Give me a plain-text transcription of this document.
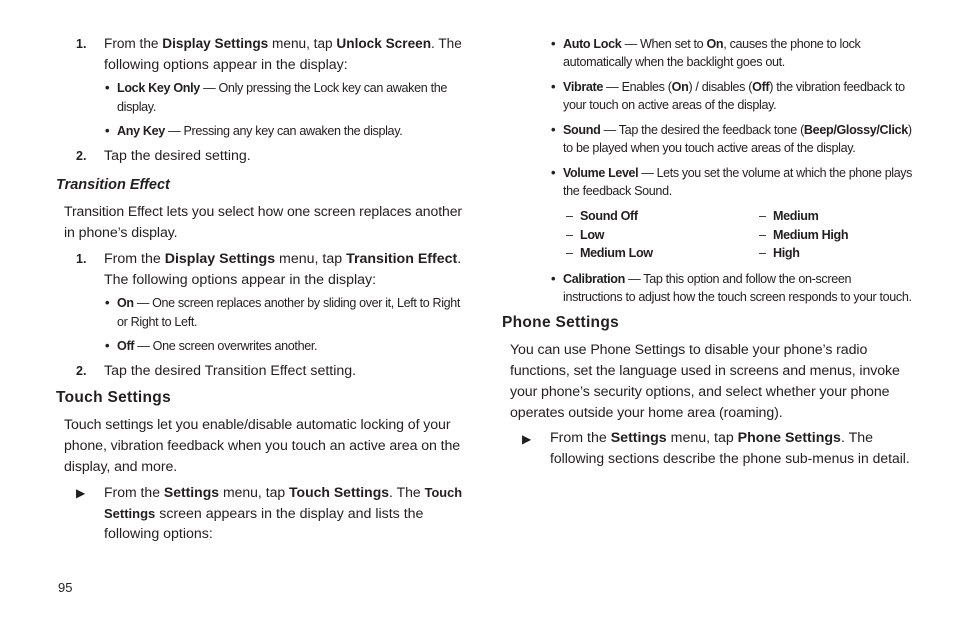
1. From the Display Settings menu, tap Unlock Screen. The
following options appear in the display:
• Lock Key Only — Only pressing the Lock key can awaken the
display.
• Any Key — Pressing any key can awaken the display.
2. Tap the desired setting.
Transition Effect
Transition Effect lets you select how one screen replaces another
in phone’s display.
1. From the Display Settings menu, tap Transition Effect.
The following options appear in the display:
• On — One screen replaces another by sliding over it, Left to Right
or Right to Left.
• Off — One screen overwrites another.
2. Tap the desired Transition Effect setting.
Touch Settings
Touch settings let you enable/disable automatic locking of your
phone, vibration feedback when you touch an active area on the
display, and more.
▶ From the Settings menu, tap Touch Settings. The Touch
Settings screen appears in the display and lists the
following options:
• Auto Lock — When set to On, causes the phone to lock
automatically when the backlight goes out.
• Vibrate — Enables (On) / disables (Off) the vibration feedback to
your touch on active areas of the display.
• Sound — Tap the desired the feedback tone (Beep/Glossy/Click)
to be played when you touch active areas of the display.
• Volume Level — Lets you set the volume at which the phone plays
the feedback Sound.
– Sound Off
– Low
– Medium Low
– Medium
– Medium High
– High
• Calibration — Tap this option and follow the on-screen
instructions to adjust how the touch screen responds to your touch.
Phone Settings
You can use Phone Settings to disable your phone’s radio
functions, set the language used in screens and menus, invoke
your phone’s security options, and select whether your phone
operates outside your home area (roaming).
▶ From the Settings menu, tap Phone Settings. The
following sections describe the phone sub-menus in detail.
95
